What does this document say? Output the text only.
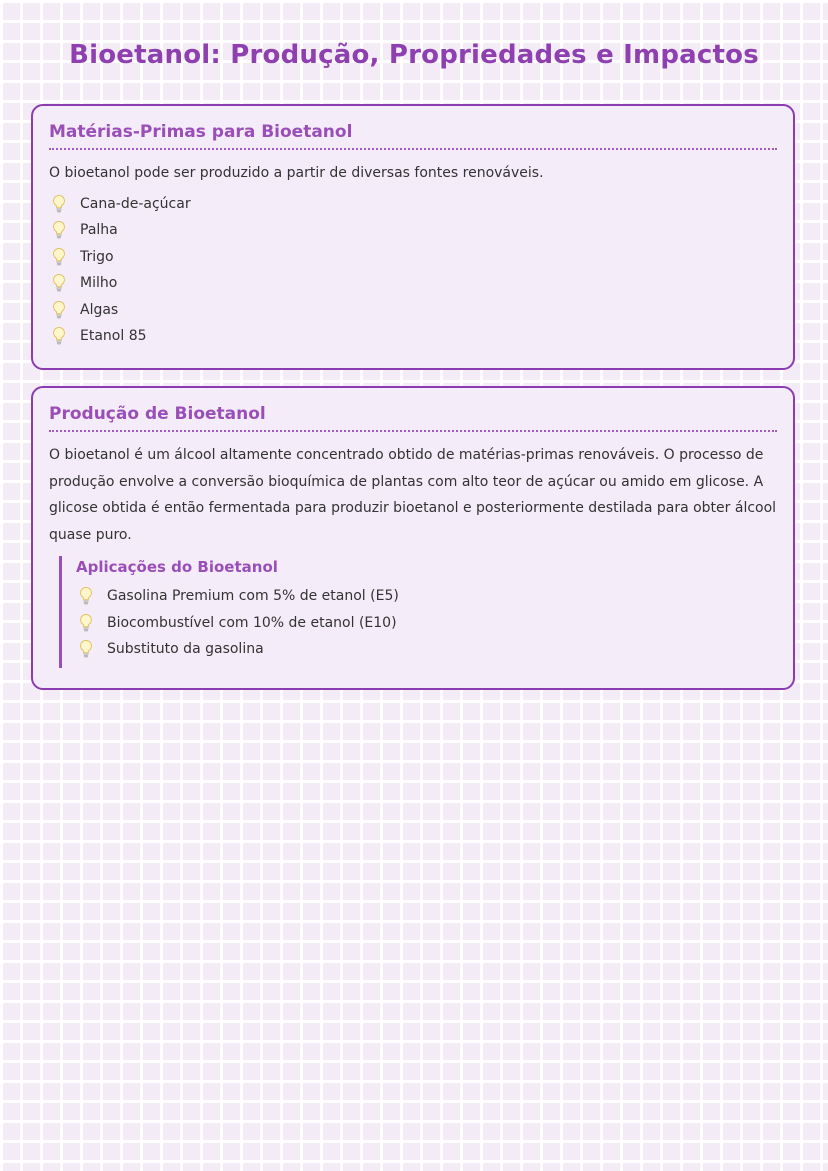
Bioetanol: Produção, Propriedades e Impactos
Matérias-Primas para Bioetanol

O bioetanol pode ser produzido a partir de diversas fontes renováveis.

Cana-de-açúcar
Palha
Trigo
Milho
Algas
Etanol 85
Produção de Bioetanol

O bioetanol é um álcool altamente concentrado obtido de matérias-primas renováveis. O processo de produção envolve a conversão bioquímica de plantas com alto teor de açúcar ou amido em glicose. A glicose obtida é então fermentada para produzir bioetanol e posteriormente destilada para obter álcool quase puro.

Aplicações do Bioetanol
Gasolina Premium com 5% de etanol (E5)
Biocombustível com 10% de etanol (E10)
Substituto da gasolina
